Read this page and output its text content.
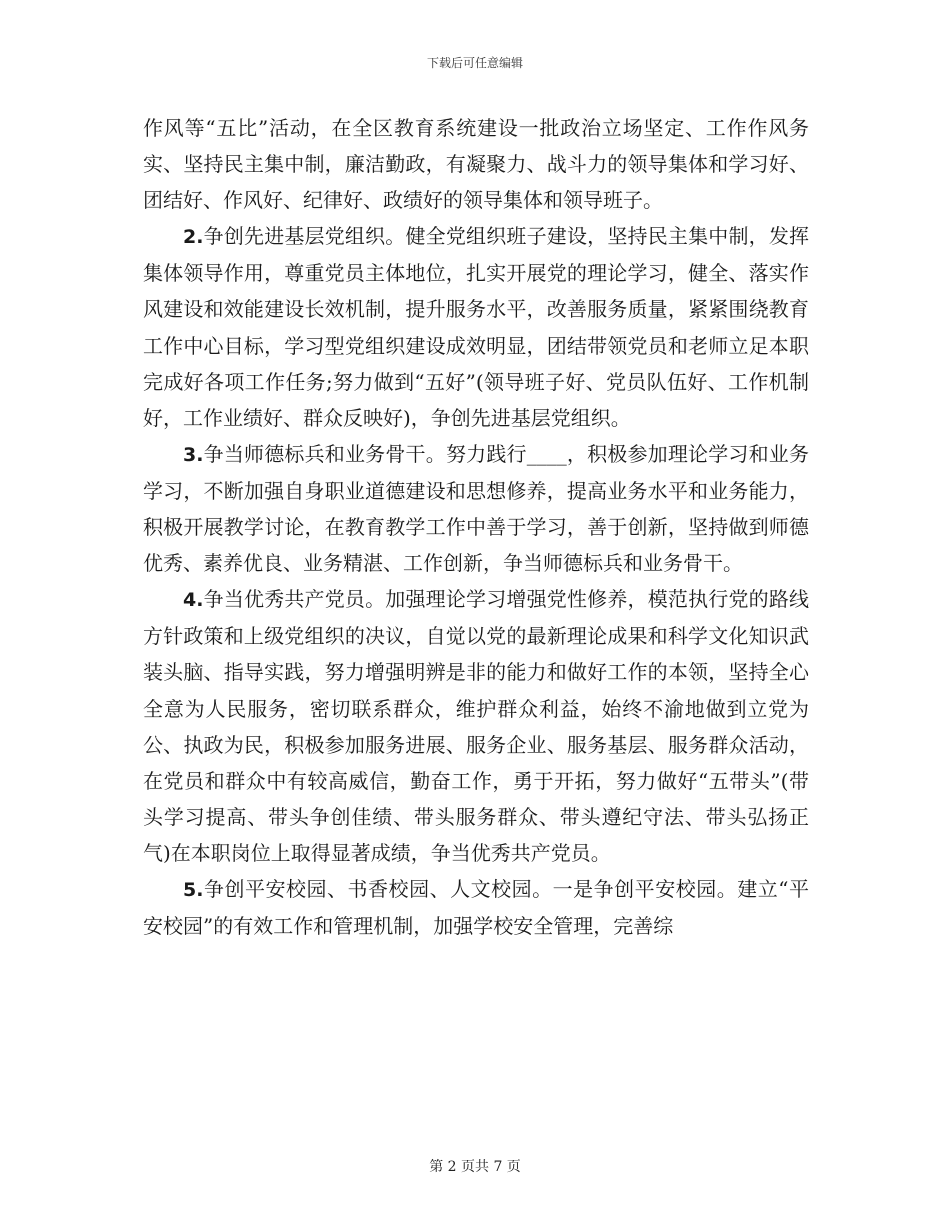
下载后可任意编辑

作风等“五比”活动，在全区教育系统建设一批政治立场坚定、工作作风务实、坚持民主集中制，廉洁勤政，有凝聚力、战斗力的领导集体和学习好、团结好、作风好、纪律好、政绩好的领导集体和领导班子。

2.争创先进基层党组织。健全党组织班子建设，坚持民主集中制，发挥集体领导作用，尊重党员主体地位，扎实开展党的理论学习，健全、落实作风建设和效能建设长效机制，提升服务水平，改善服务质量，紧紧围绕教育工作中心目标，学习型党组织建设成效明显，团结带领党员和老师立足本职完成好各项工作任务;努力做到“五好”(领导班子好、党员队伍好、工作机制好，工作业绩好、群众反映好)，争创先进基层党组织。

3.争当师德标兵和业务骨干。努力践行____，积极参加理论学习和业务学习，不断加强自身职业道德建设和思想修养，提高业务水平和业务能力，积极开展教学讨论，在教育教学工作中善于学习，善于创新，坚持做到师德优秀、素养优良、业务精湛、工作创新，争当师德标兵和业务骨干。

4.争当优秀共产党员。加强理论学习增强党性修养，模范执行党的路线方针政策和上级党组织的决议，自觉以党的最新理论成果和科学文化知识武装头脑、指导实践，努力增强明辨是非的能力和做好工作的本领，坚持全心全意为人民服务，密切联系群众，维护群众利益，始终不渝地做到立党为公、执政为民，积极参加服务进展、服务企业、服务基层、服务群众活动，在党员和群众中有较高威信，勤奋工作，勇于开拓，努力做好“五带头”(带头学习提高、带头争创佳绩、带头服务群众、带头遵纪守法、带头弘扬正气)在本职岗位上取得显著成绩，争当优秀共产党员。

5.争创平安校园、书香校园、人文校园。一是争创平安校园。建立“平安校园”的有效工作和管理机制，加强学校安全管理，完善综

第 2 页共 7 页
